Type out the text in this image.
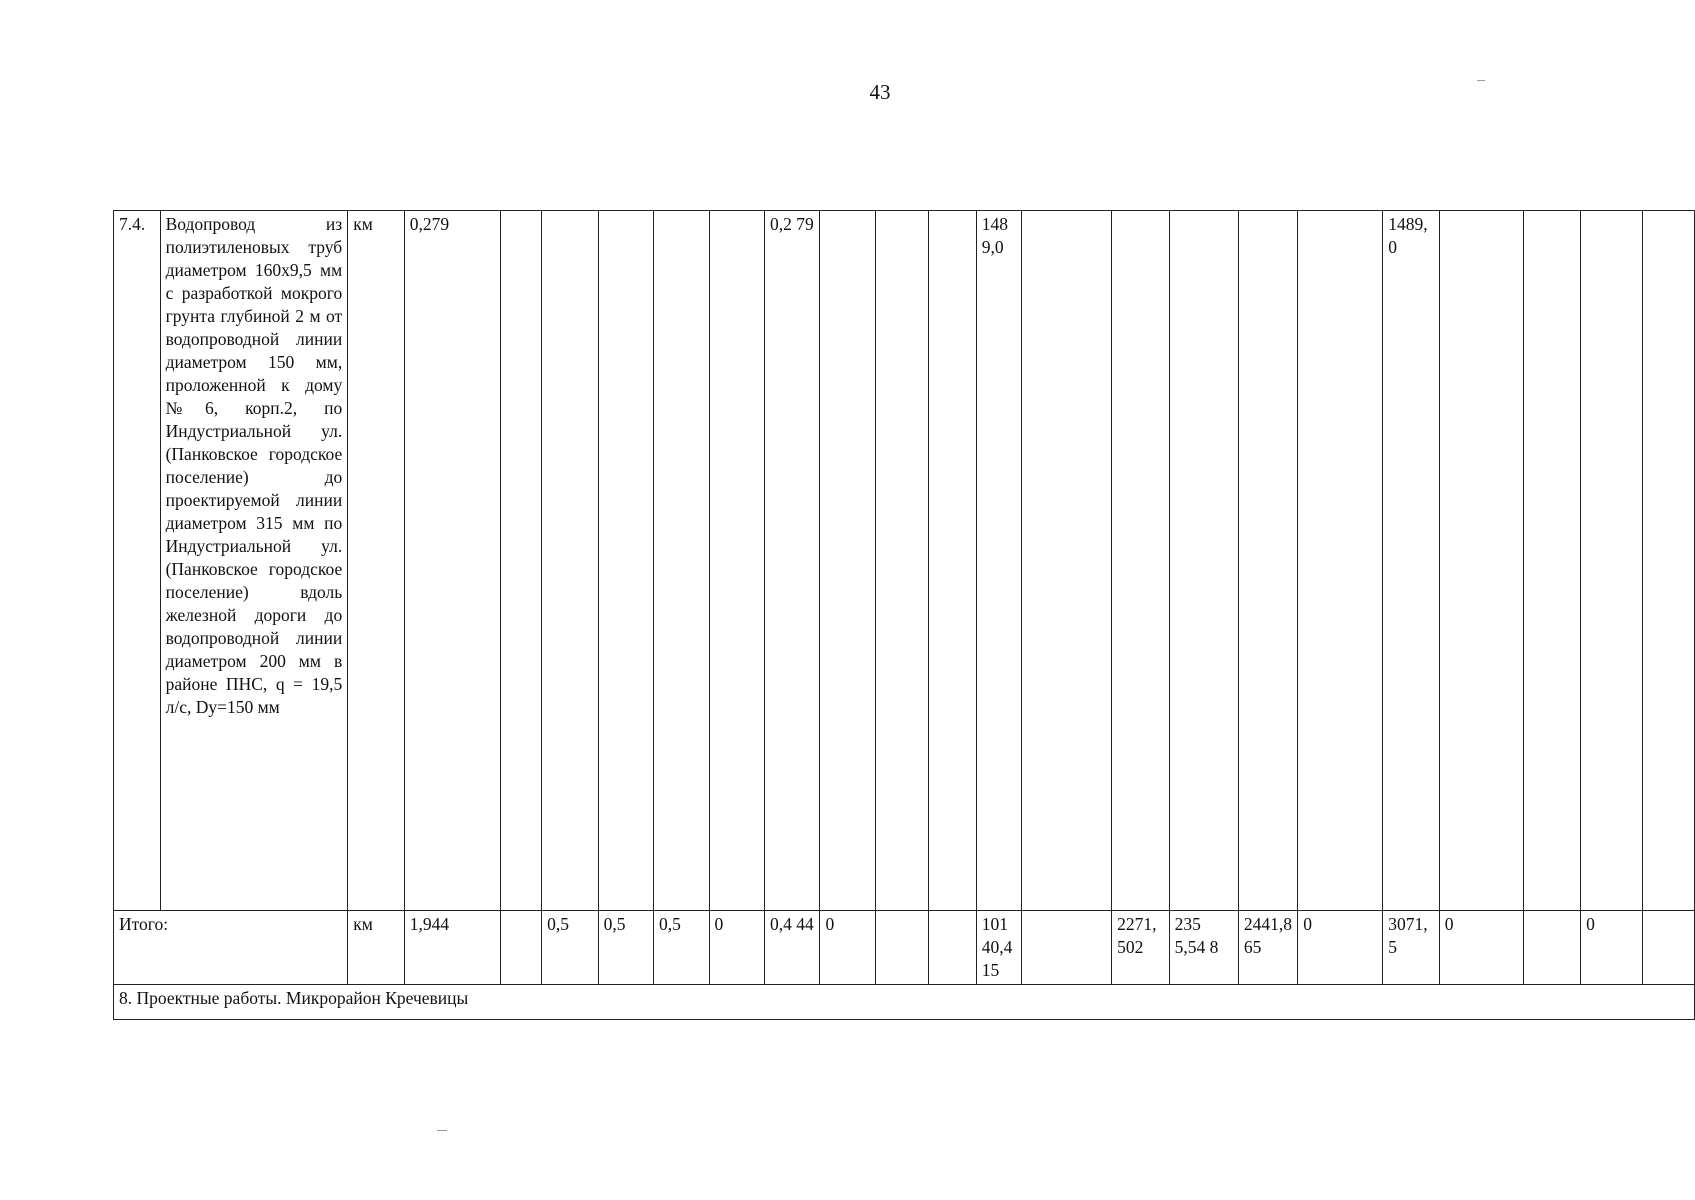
43
7.4.	Водопровод из полиэтиленовых труб диаметром 160x9,5 мм с разработкой мокрого грунта глубиной 2 м от водопроводной линии диаметром 150 мм, проложенной к дому №6, корп.2, по Индустриальной ул. (Панковское городское поселение) до проектируемой линии диаметром 315 мм по Индустриальной ул. (Панковское городское поселение) вдоль железной дороги до водопроводной линии диаметром 200 мм в районе ПНС, q = 19,5 л/с, Dy=150 мм	км	0,279						0,2 79				1489,0						1489,0				
Итого:		км	1,944		0,5	0,5	0,5	0	0,4 44	0			10140,4 15		2271, 502	235 5,54 8	2441,8 65	0	3071,5	0		0	
8. Проектные работы. Микрорайон Кречевицы																							
